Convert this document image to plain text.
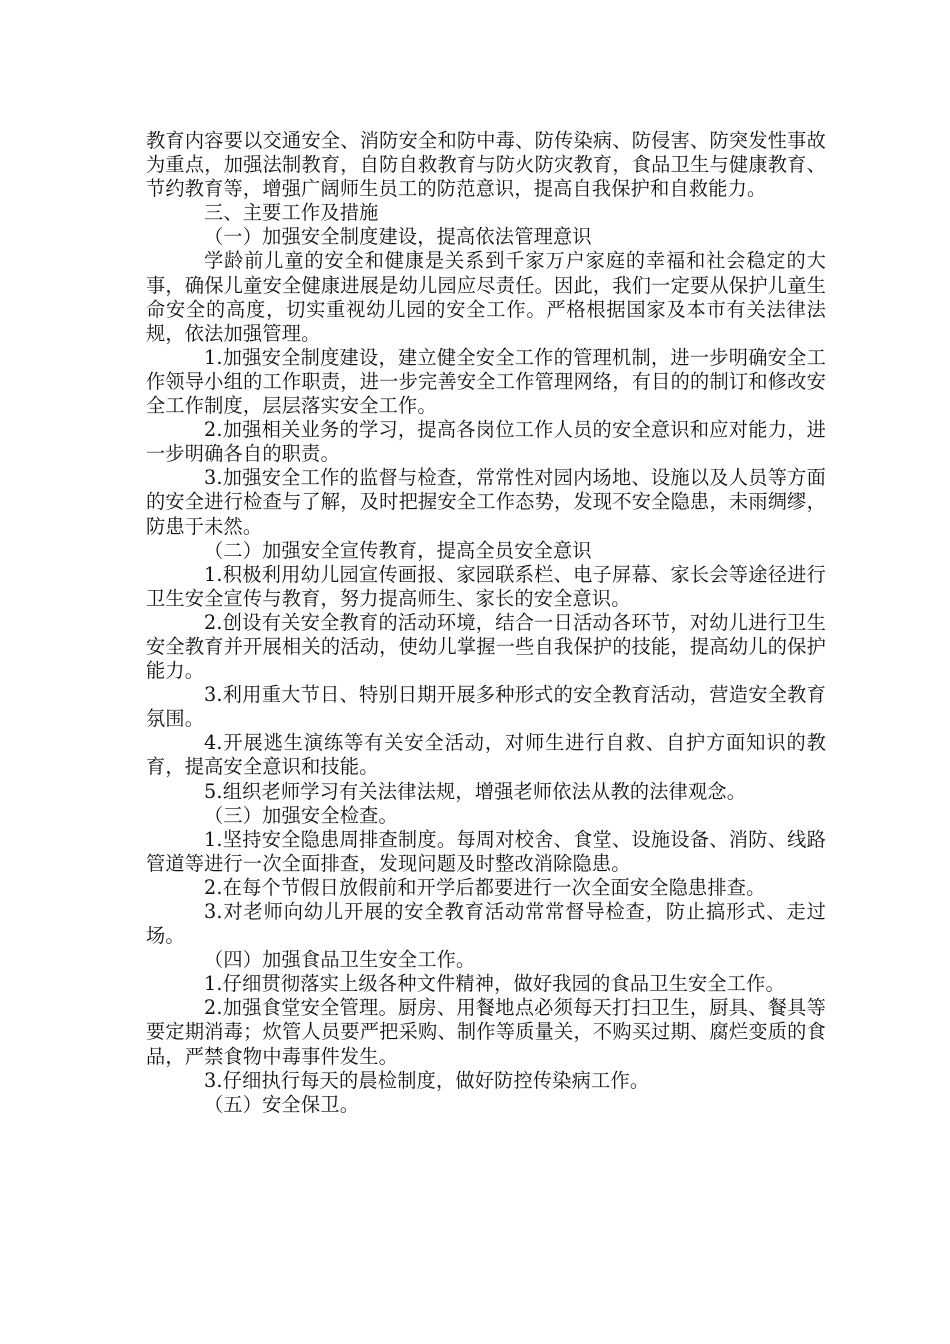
教育内容要以交通安全、消防安全和防中毒、防传染病、防侵害、防突发性事故为重点，加强法制教育，自防自救教育与防火防灾教育，食品卫生与健康教育、节约教育等，增强广阔师生员工的防范意识，提高自我保护和自救能力。

三、主要工作及措施

（一）加强安全制度建设，提高依法管理意识

学龄前儿童的安全和健康是关系到千家万户家庭的幸福和社会稳定的大事，确保儿童安全健康进展是幼儿园应尽责任。因此，我们一定要从保护儿童生命安全的高度，切实重视幼儿园的安全工作。严格根据国家及本市有关法律法规，依法加强管理。

1.加强安全制度建设，建立健全安全工作的管理机制，进一步明确安全工作领导小组的工作职责，进一步完善安全工作管理网络，有目的的制订和修改安全工作制度，层层落实安全工作。

2.加强相关业务的学习，提高各岗位工作人员的安全意识和应对能力，进一步明确各自的职责。

3.加强安全工作的监督与检查，常常性对园内场地、设施以及人员等方面的安全进行检查与了解，及时把握安全工作态势，发现不安全隐患，未雨绸缪，防患于未然。

（二）加强安全宣传教育，提高全员安全意识

1.积极利用幼儿园宣传画报、家园联系栏、电子屏幕、家长会等途径进行卫生安全宣传与教育，努力提高师生、家长的安全意识。

2.创设有关安全教育的活动环境，结合一日活动各环节，对幼儿进行卫生安全教育并开展相关的活动，使幼儿掌握一些自我保护的技能，提高幼儿的保护能力。

3.利用重大节日、特别日期开展多种形式的安全教育活动，营造安全教育氛围。

4.开展逃生演练等有关安全活动，对师生进行自救、自护方面知识的教育，提高安全意识和技能。

5.组织老师学习有关法律法规，增强老师依法从教的法律观念。

（三）加强安全检查。

1.坚持安全隐患周排查制度。每周对校舍、食堂、设施设备、消防、线路管道等进行一次全面排查，发现问题及时整改消除隐患。

2.在每个节假日放假前和开学后都要进行一次全面安全隐患排查。

3.对老师向幼儿开展的安全教育活动常常督导检查，防止搞形式、走过场。

（四）加强食品卫生安全工作。

1.仔细贯彻落实上级各种文件精神，做好我园的食品卫生安全工作。

2.加强食堂安全管理。厨房、用餐地点必须每天打扫卫生，厨具、餐具等要定期消毒；炊管人员要严把采购、制作等质量关，不购买过期、腐烂变质的食品，严禁食物中毒事件发生。

3.仔细执行每天的晨检制度，做好防控传染病工作。

（五）安全保卫。
